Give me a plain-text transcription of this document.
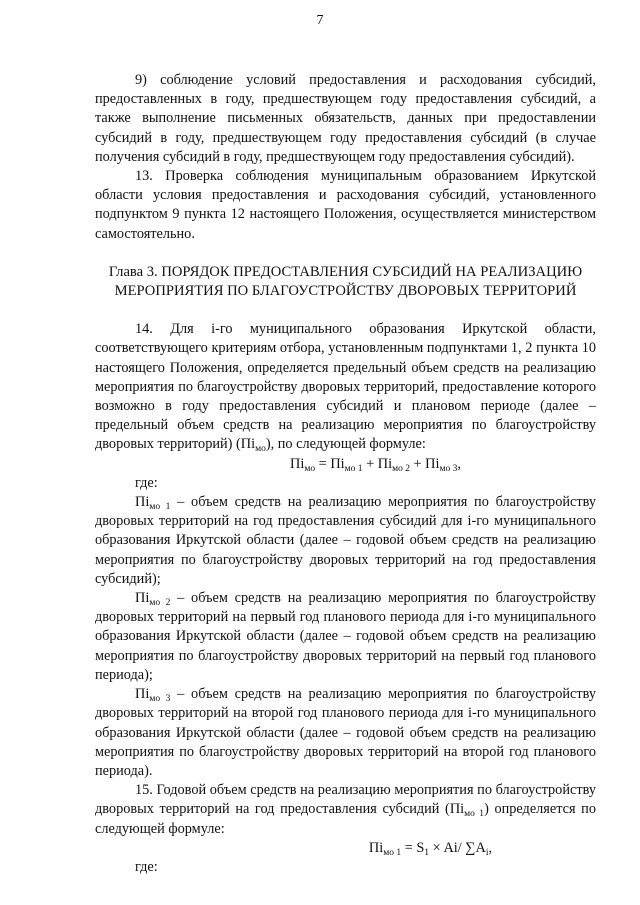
7

9) соблюдение условий предоставления и расходования субсидий, предоставленных в году, предшествующем году предоставления субсидий, а также выполнение письменных обязательств, данных при предоставлении субсидий в году, предшествующем году предоставления субсидий (в случае получения субсидий в году, предшествующем году предоставления субсидий).

13. Проверка соблюдения муниципальным образованием Иркутской области условия предоставления и расходования субсидий, установленного подпунктом 9 пункта 12 настоящего Положения, осуществляется министерством самостоятельно.

Глава 3. ПОРЯДОК ПРЕДОСТАВЛЕНИЯ СУБСИДИЙ НА РЕАЛИЗАЦИЮ МЕРОПРИЯТИЯ ПО БЛАГОУСТРОЙСТВУ ДВОРОВЫХ ТЕРРИТОРИЙ

14. Для i-го муниципального образования Иркутской области, соответствующего критериям отбора, установленным подпунктами 1, 2 пункта 10 настоящего Положения, определяется предельный объем средств на реализацию мероприятия по благоустройству дворовых территорий, предоставление которого возможно в году предоставления субсидий и плановом периоде (далее – предельный объем средств на реализацию мероприятия по благоустройству дворовых территорий) $(Пi_{мо})$, по следующей формуле:

$Пi_{мо} = Пi_{мо 1} + Пi_{мо 2} + Пi_{мо 3}$,

где:

$Пi_{мо 1}$ – объем средств на реализацию мероприятия по благоустройству дворовых территорий на год предоставления субсидий для i-го муниципального образования Иркутской области (далее – годовой объем средств на реализацию мероприятия по благоустройству дворовых территорий на год предоставления субсидий);

$Пi_{мо 2}$ – объем средств на реализацию мероприятия по благоустройству дворовых территорий на первый год планового периода для i-го муниципального образования Иркутской области (далее – годовой объем средств на реализацию мероприятия по благоустройству дворовых территорий на первый год планового периода);

$Пi_{мо 3}$ – объем средств на реализацию мероприятия по благоустройству дворовых территорий на второй год планового периода для i-го муниципального образования Иркутской области (далее – годовой объем средств на реализацию мероприятия по благоустройству дворовых территорий на второй год планового периода).

15. Годовой объем средств на реализацию мероприятия по благоустройству дворовых территорий на год предоставления субсидий $(Пi_{мо 1})$ определяется по следующей формуле:

$Пi_{мо 1} = S_1 \times Ai/$ $\sum A_i$,

где:
